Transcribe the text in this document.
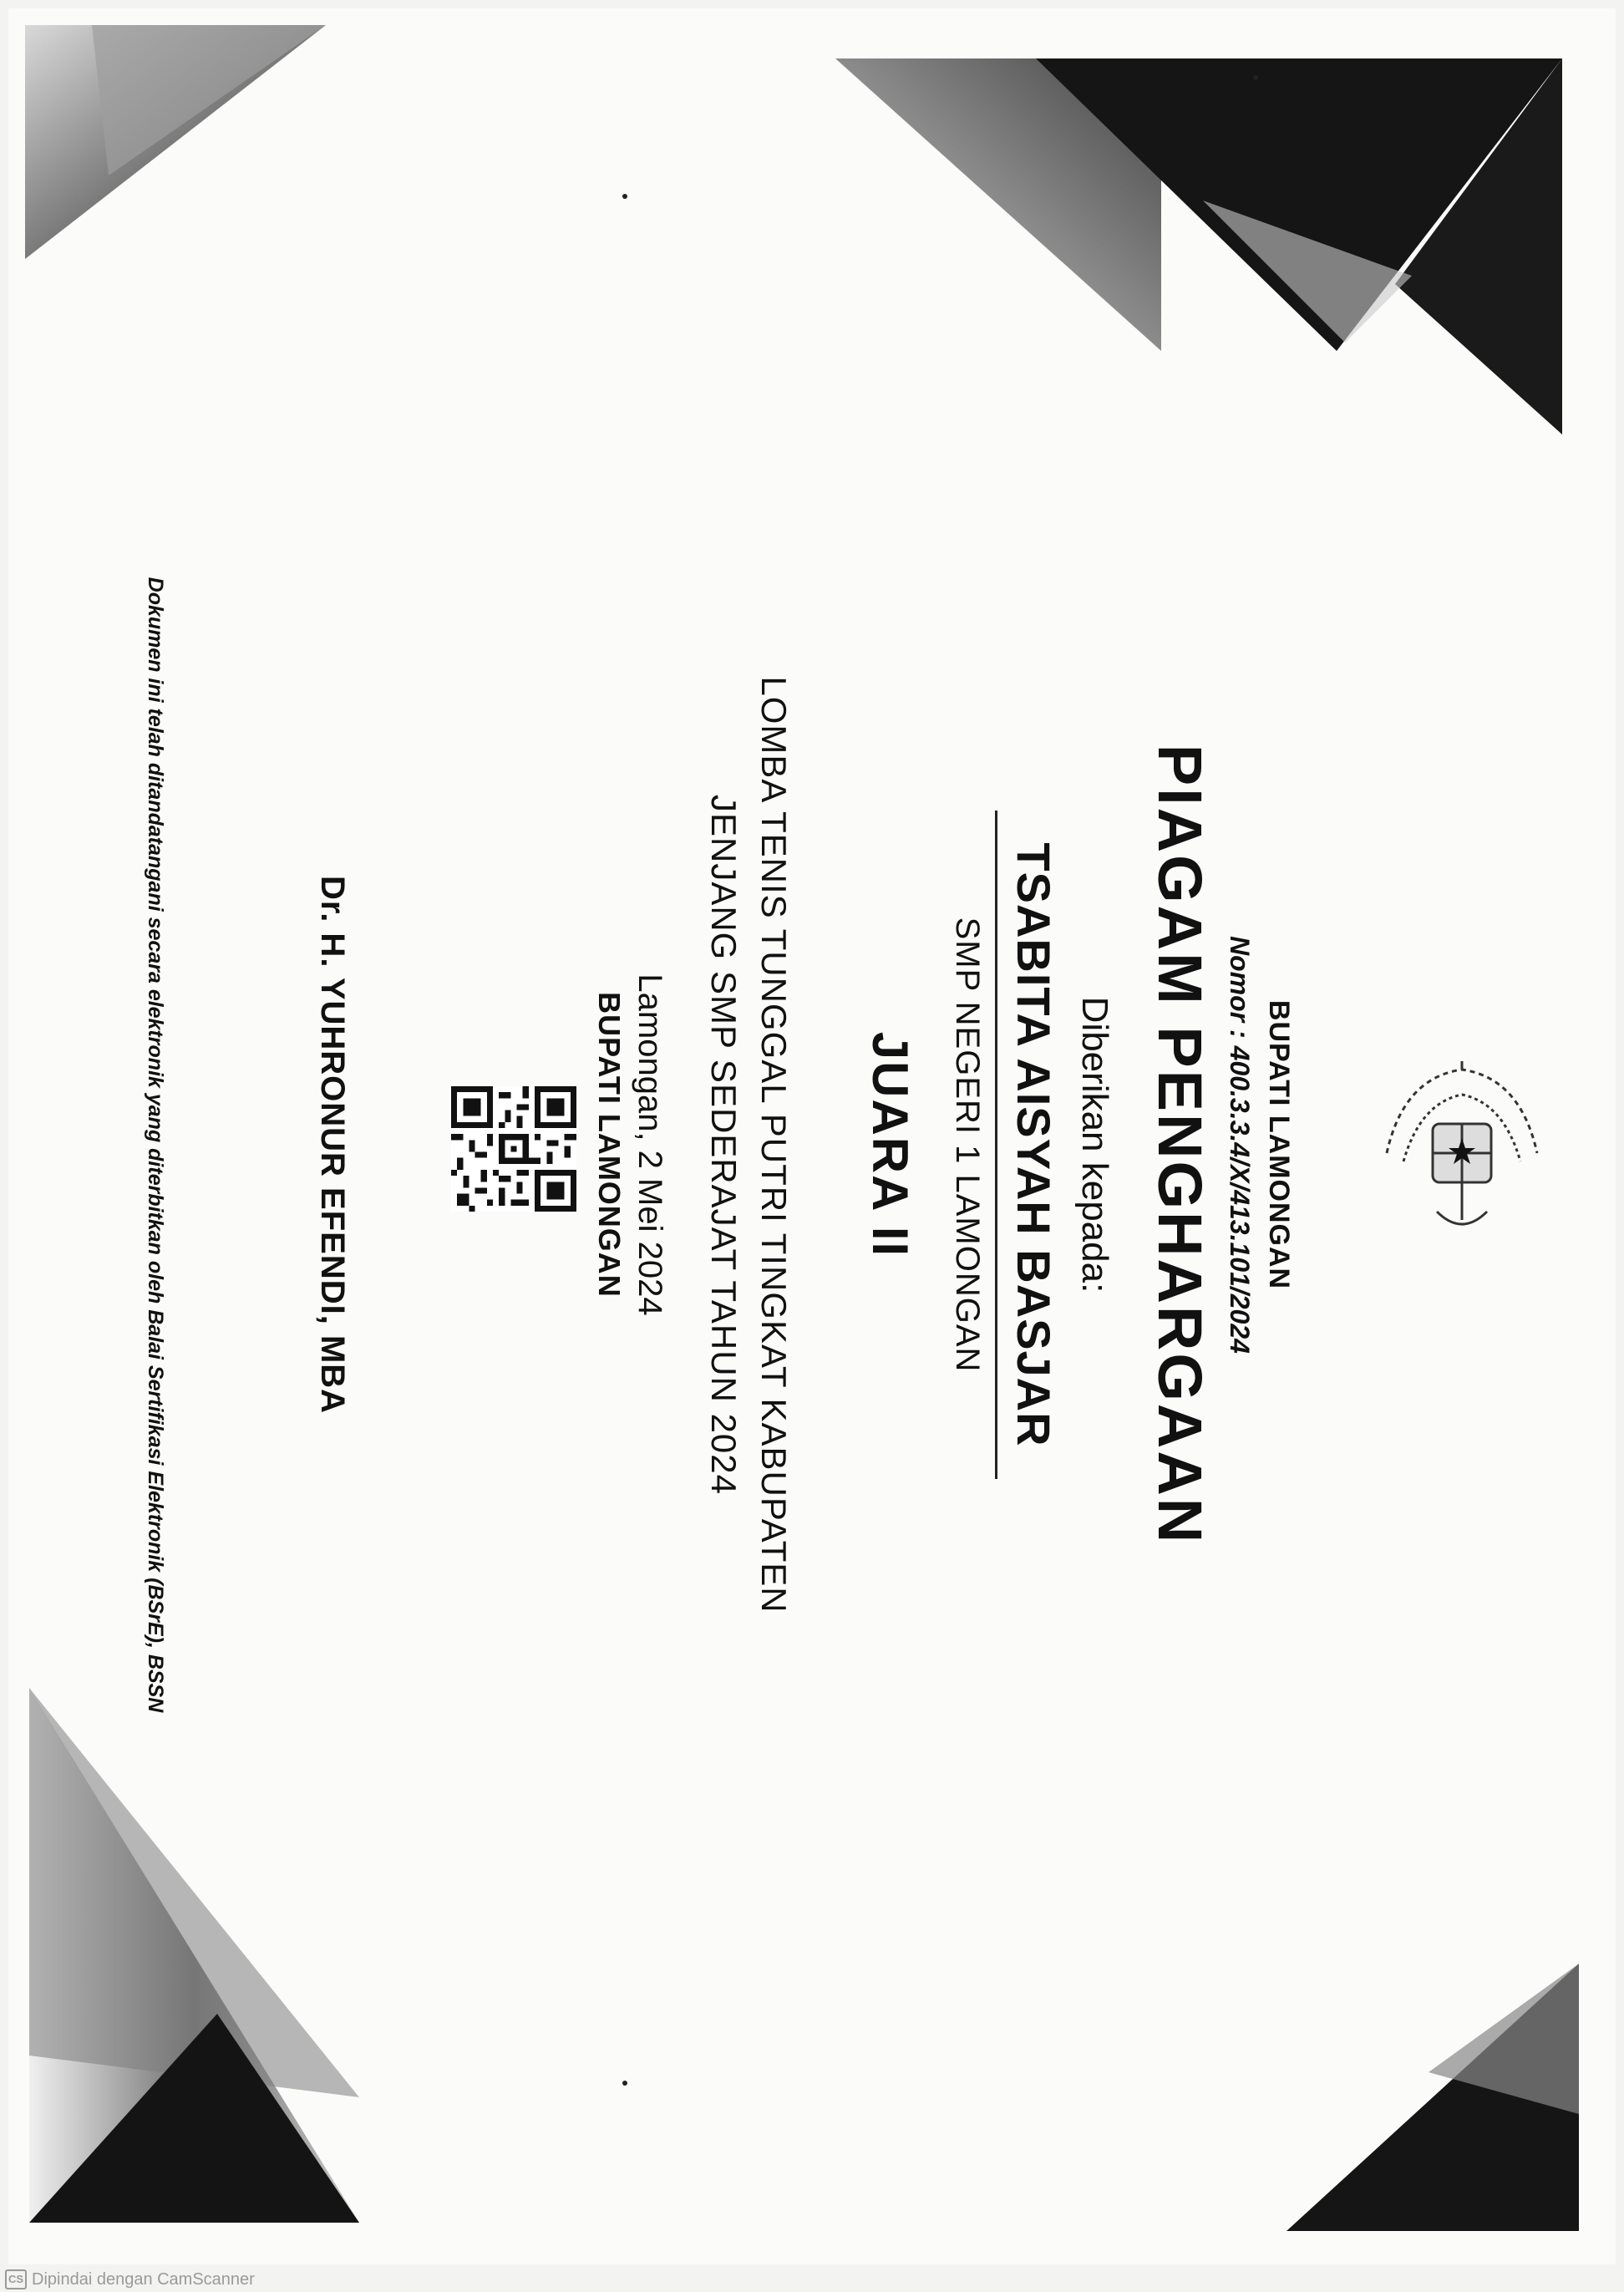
BUPATI LAMONGAN
Nomor : 400.3.3.4/X/413.101/2024
PIAGAM PENGHARGAAN
Diberikan kepada:
TSABITA AISYAH BASJAR
SMP NEGERI 1 LAMONGAN
JUARA II
LOMBA TENIS TUNGGAL PUTRI TINGKAT KABUPATEN
JENJANG SMP SEDERAJAT TAHUN 2024
Lamongan, 2 Mei 2024
BUPATI LAMONGAN
Dr. H. YUHRONUR EFENDI, MBA
Dokumen ini telah ditandatangani secara elektronik yang diterbitkan oleh Balai Sertifikasi Elektronik (BSrE), BSSN
CS Dipindai dengan CamScanner
